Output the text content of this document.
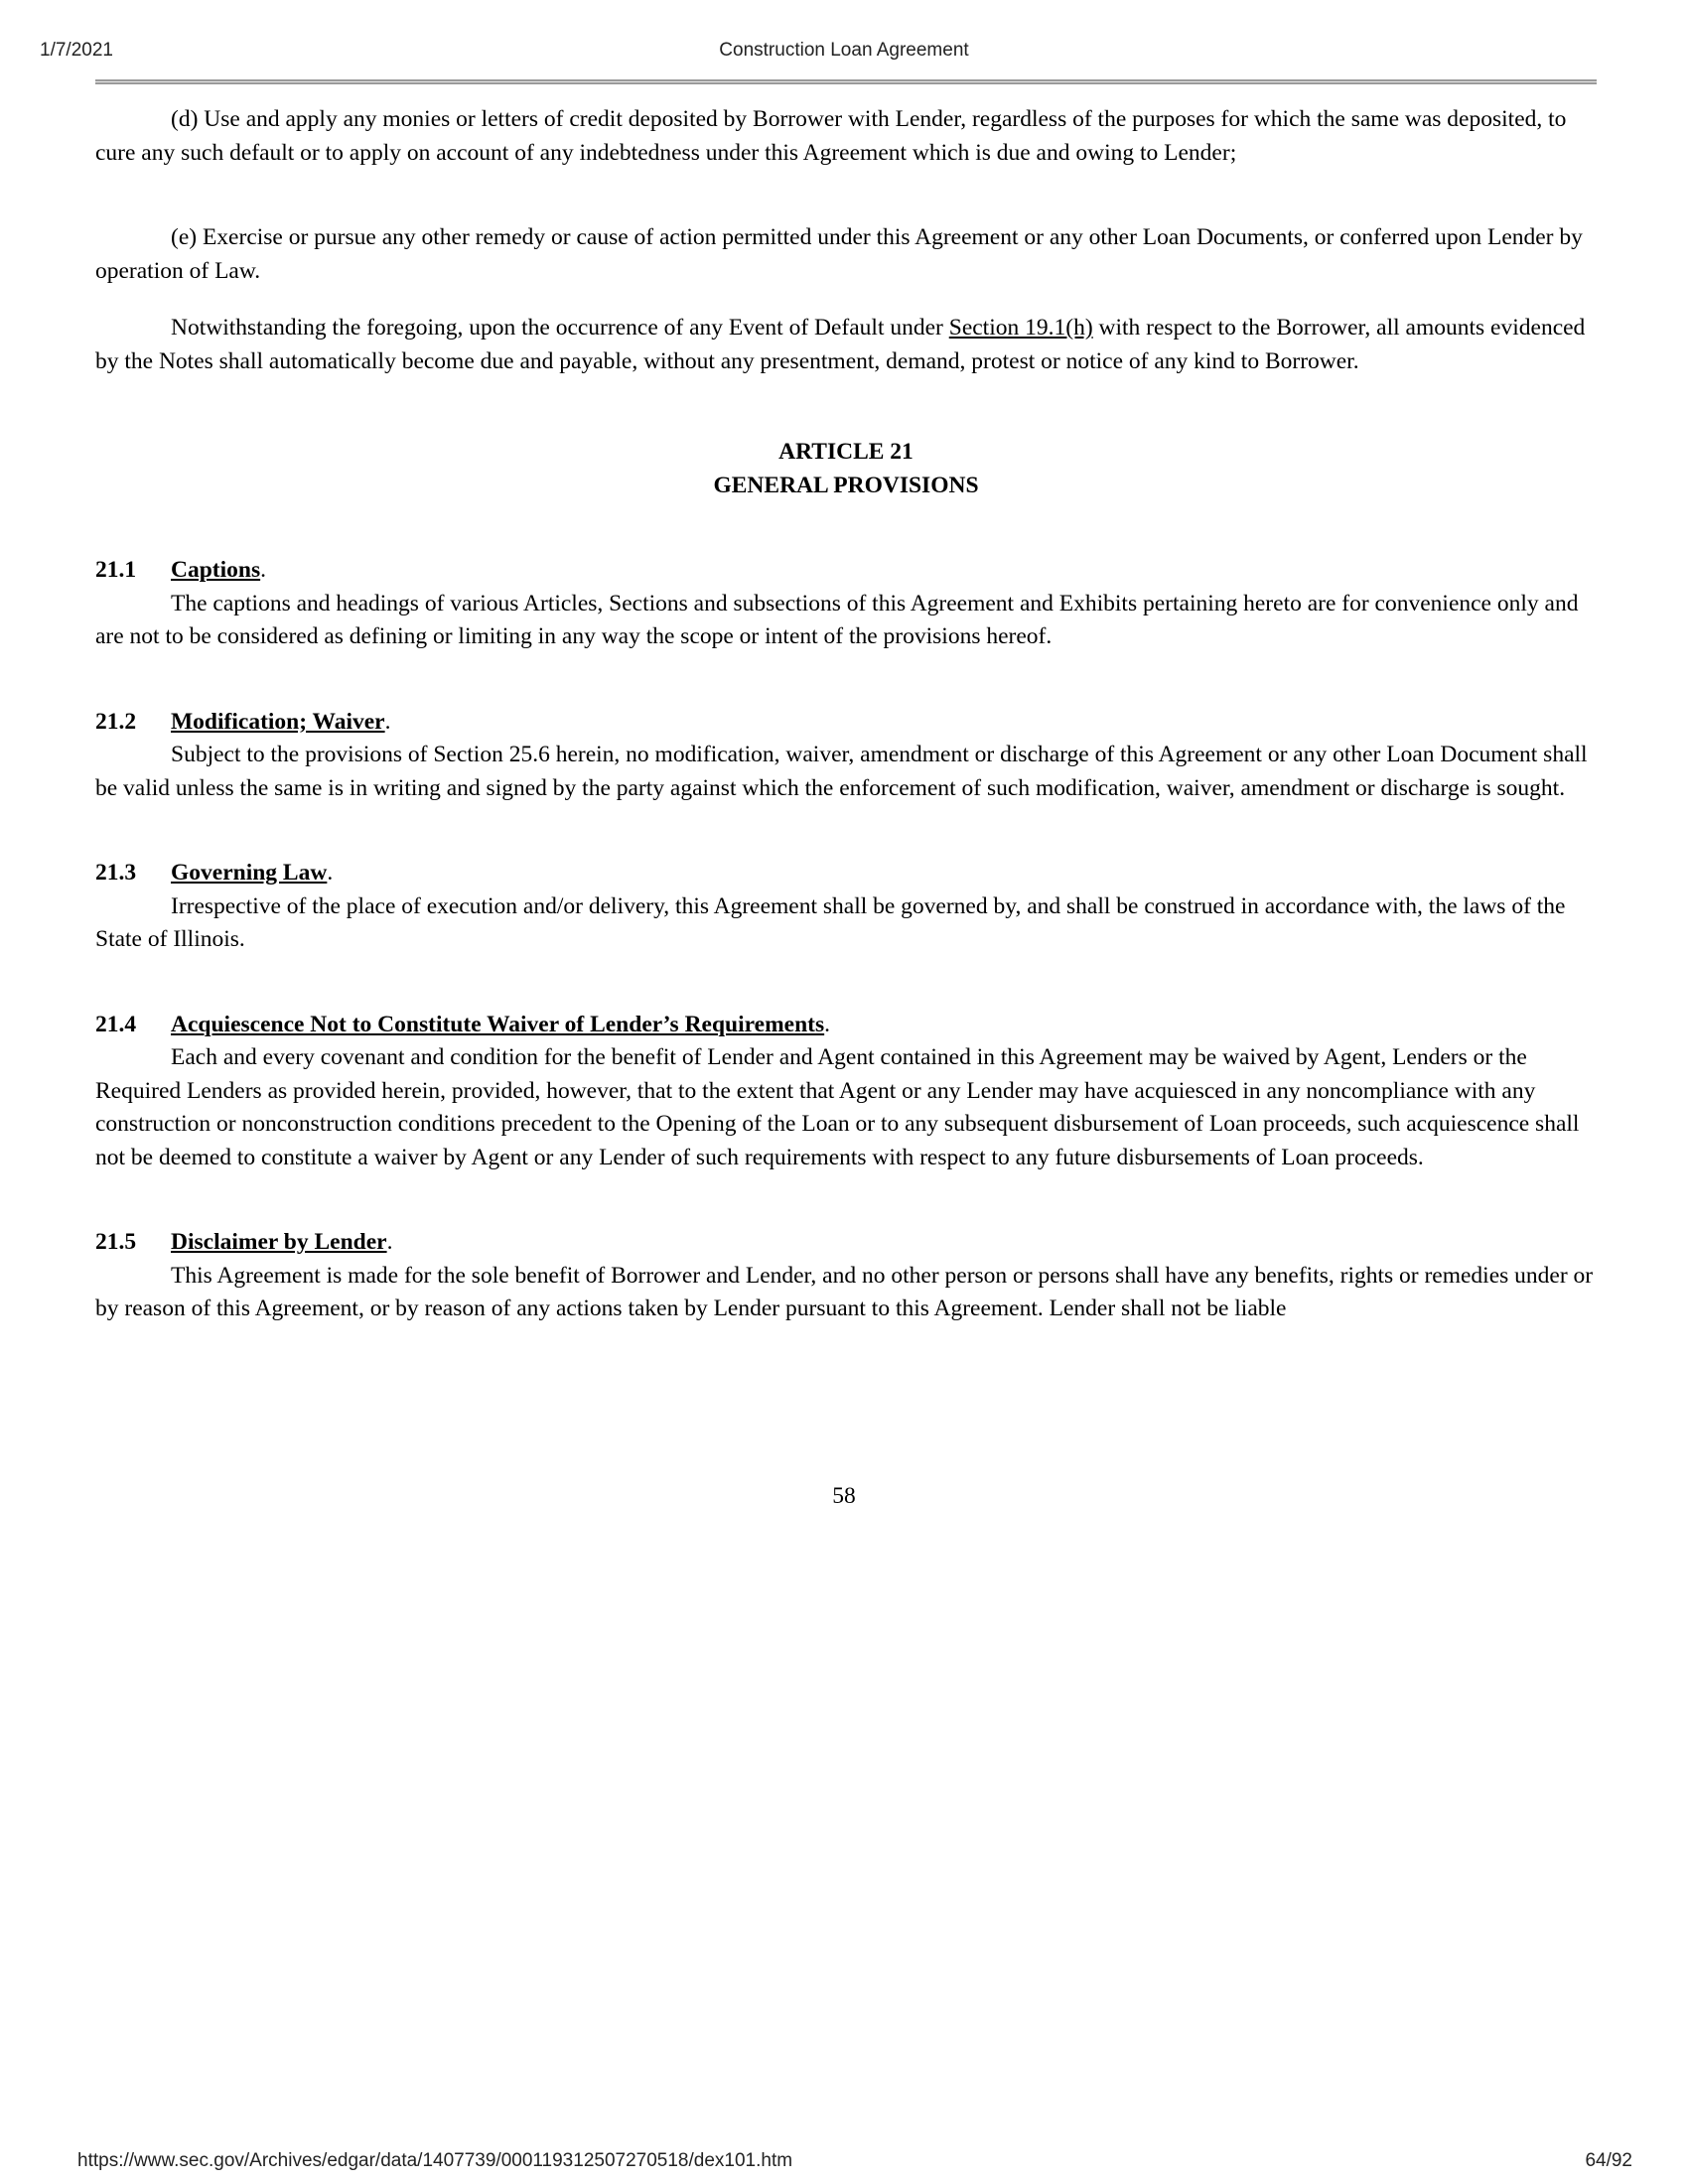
1/7/2021	Construction Loan Agreement

(d) Use and apply any monies or letters of credit deposited by Borrower with Lender, regardless of the purposes for which the same was deposited, to cure any such default or to apply on account of any indebtedness under this Agreement which is due and owing to Lender;

(e) Exercise or pursue any other remedy or cause of action permitted under this Agreement or any other Loan Documents, or conferred upon Lender by operation of Law.

Notwithstanding the foregoing, upon the occurrence of any Event of Default under Section 19.1(h) with respect to the Borrower, all amounts evidenced by the Notes shall automatically become due and payable, without any presentment, demand, protest or notice of any kind to Borrower.

ARTICLE 21

GENERAL PROVISIONS

21.1	Captions.

The captions and headings of various Articles, Sections and subsections of this Agreement and Exhibits pertaining hereto are for convenience only and are not to be considered as defining or limiting in any way the scope or intent of the provisions hereof.

21.2	Modification; Waiver.

Subject to the provisions of Section 25.6 herein, no modification, waiver, amendment or discharge of this Agreement or any other Loan Document shall be valid unless the same is in writing and signed by the party against which the enforcement of such modification, waiver, amendment or discharge is sought.

21.3	Governing Law.

Irrespective of the place of execution and/or delivery, this Agreement shall be governed by, and shall be construed in accordance with, the laws of the State of Illinois.

21.4	Acquiescence Not to Constitute Waiver of Lender’s Requirements.

Each and every covenant and condition for the benefit of Lender and Agent contained in this Agreement may be waived by Agent, Lenders or the Required Lenders as provided herein, provided, however, that to the extent that Agent or any Lender may have acquiesced in any noncompliance with any construction or nonconstruction conditions precedent to the Opening of the Loan or to any subsequent disbursement of Loan proceeds, such acquiescence shall not be deemed to constitute a waiver by Agent or any Lender of such requirements with respect to any future disbursements of Loan proceeds.

21.5	Disclaimer by Lender.

This Agreement is made for the sole benefit of Borrower and Lender, and no other person or persons shall have any benefits, rights or remedies under or by reason of this Agreement, or by reason of any actions taken by Lender pursuant to this Agreement. Lender shall not be liable

58
https://www.sec.gov/Archives/edgar/data/1407739/000119312507270518/dex101.htm	64/92
